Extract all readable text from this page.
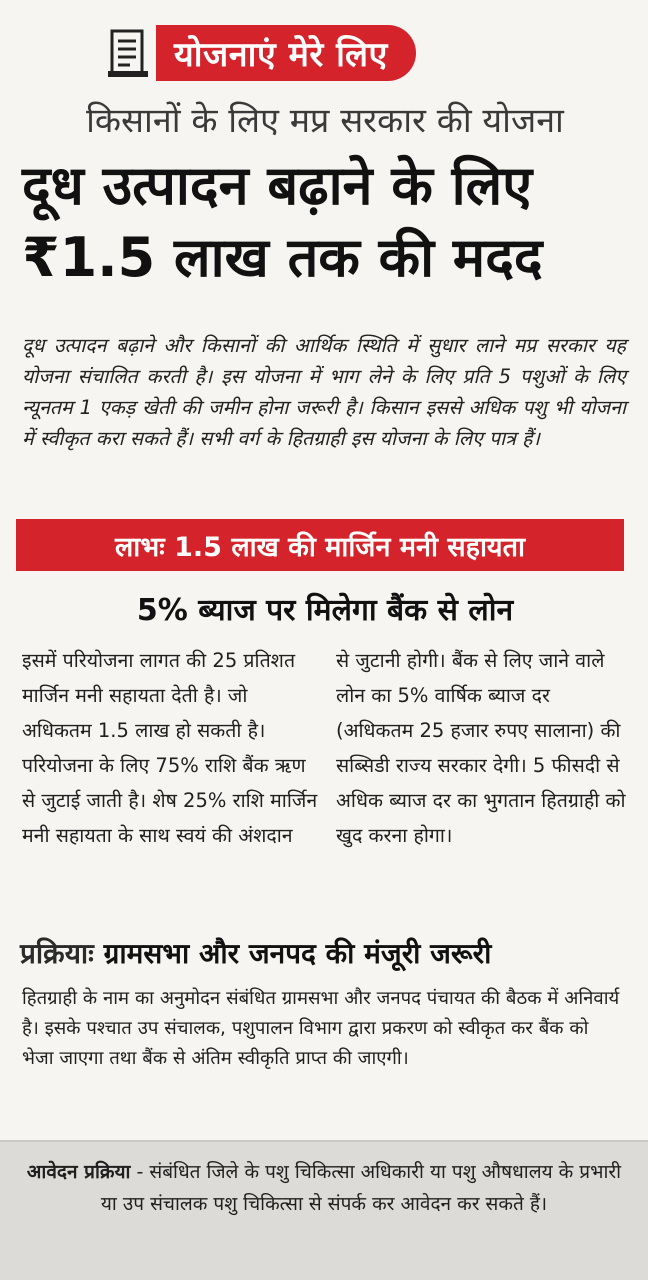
योजनाएं मेरे लिए
किसानों के लिए मप्र सरकार की योजना
दूध उत्पादन बढ़ाने के लिए
₹1.5 लाख तक की मदद

दूध उत्पादन बढ़ाने और किसानों की आर्थिक स्थिति में सुधार लाने मप्र सरकार यह योजना संचालित करती है। इस योजना में भाग लेने के लिए प्रति 5 पशुओं के लिए न्यूनतम 1 एकड़ खेती की जमीन होना जरूरी है। किसान इससे अधिक पशु भी योजना में स्वीकृत करा सकते हैं। सभी वर्ग के हितग्राही इस योजना के लिए पात्र हैं।

लाभः 1.5 लाख की मार्जिन मनी सहायता
5% ब्याज पर मिलेगा बैंक से लोन

इसमें परियोजना लागत की 25 प्रतिशत मार्जिन मनी सहायता देती है। जो अधिकतम 1.5 लाख हो सकती है। परियोजना के लिए 75% राशि बैंक ऋण से जुटाई जाती है। शेष 25% राशि मार्जिन मनी सहायता के साथ स्वयं की अंशदान

से जुटानी होगी। बैंक से लिए जाने वाले लोन का 5% वार्षिक ब्याज दर (अधिकतम 25 हजार रुपए सालाना) की सब्सिडी राज्य सरकार देगी। 5 फीसदी से अधिक ब्याज दर का भुगतान हितग्राही को खुद करना होगा।

प्रक्रियाः ग्रामसभा और जनपद की मंजूरी जरूरी

हितग्राही के नाम का अनुमोदन संबंधित ग्रामसभा और जनपद पंचायत की बैठक में अनिवार्य है। इसके पश्चात उप संचालक, पशुपालन विभाग द्वारा प्रकरण को स्वीकृत कर बैंक को भेजा जाएगा तथा बैंक से अंतिम स्वीकृति प्राप्त की जाएगी।

आवेदन प्रक्रिया - संबंधित जिले के पशु चिकित्सा अधिकारी या पशु औषधालय के प्रभारी या उप संचालक पशु चिकित्सा से संपर्क कर आवेदन कर सकते हैं।
